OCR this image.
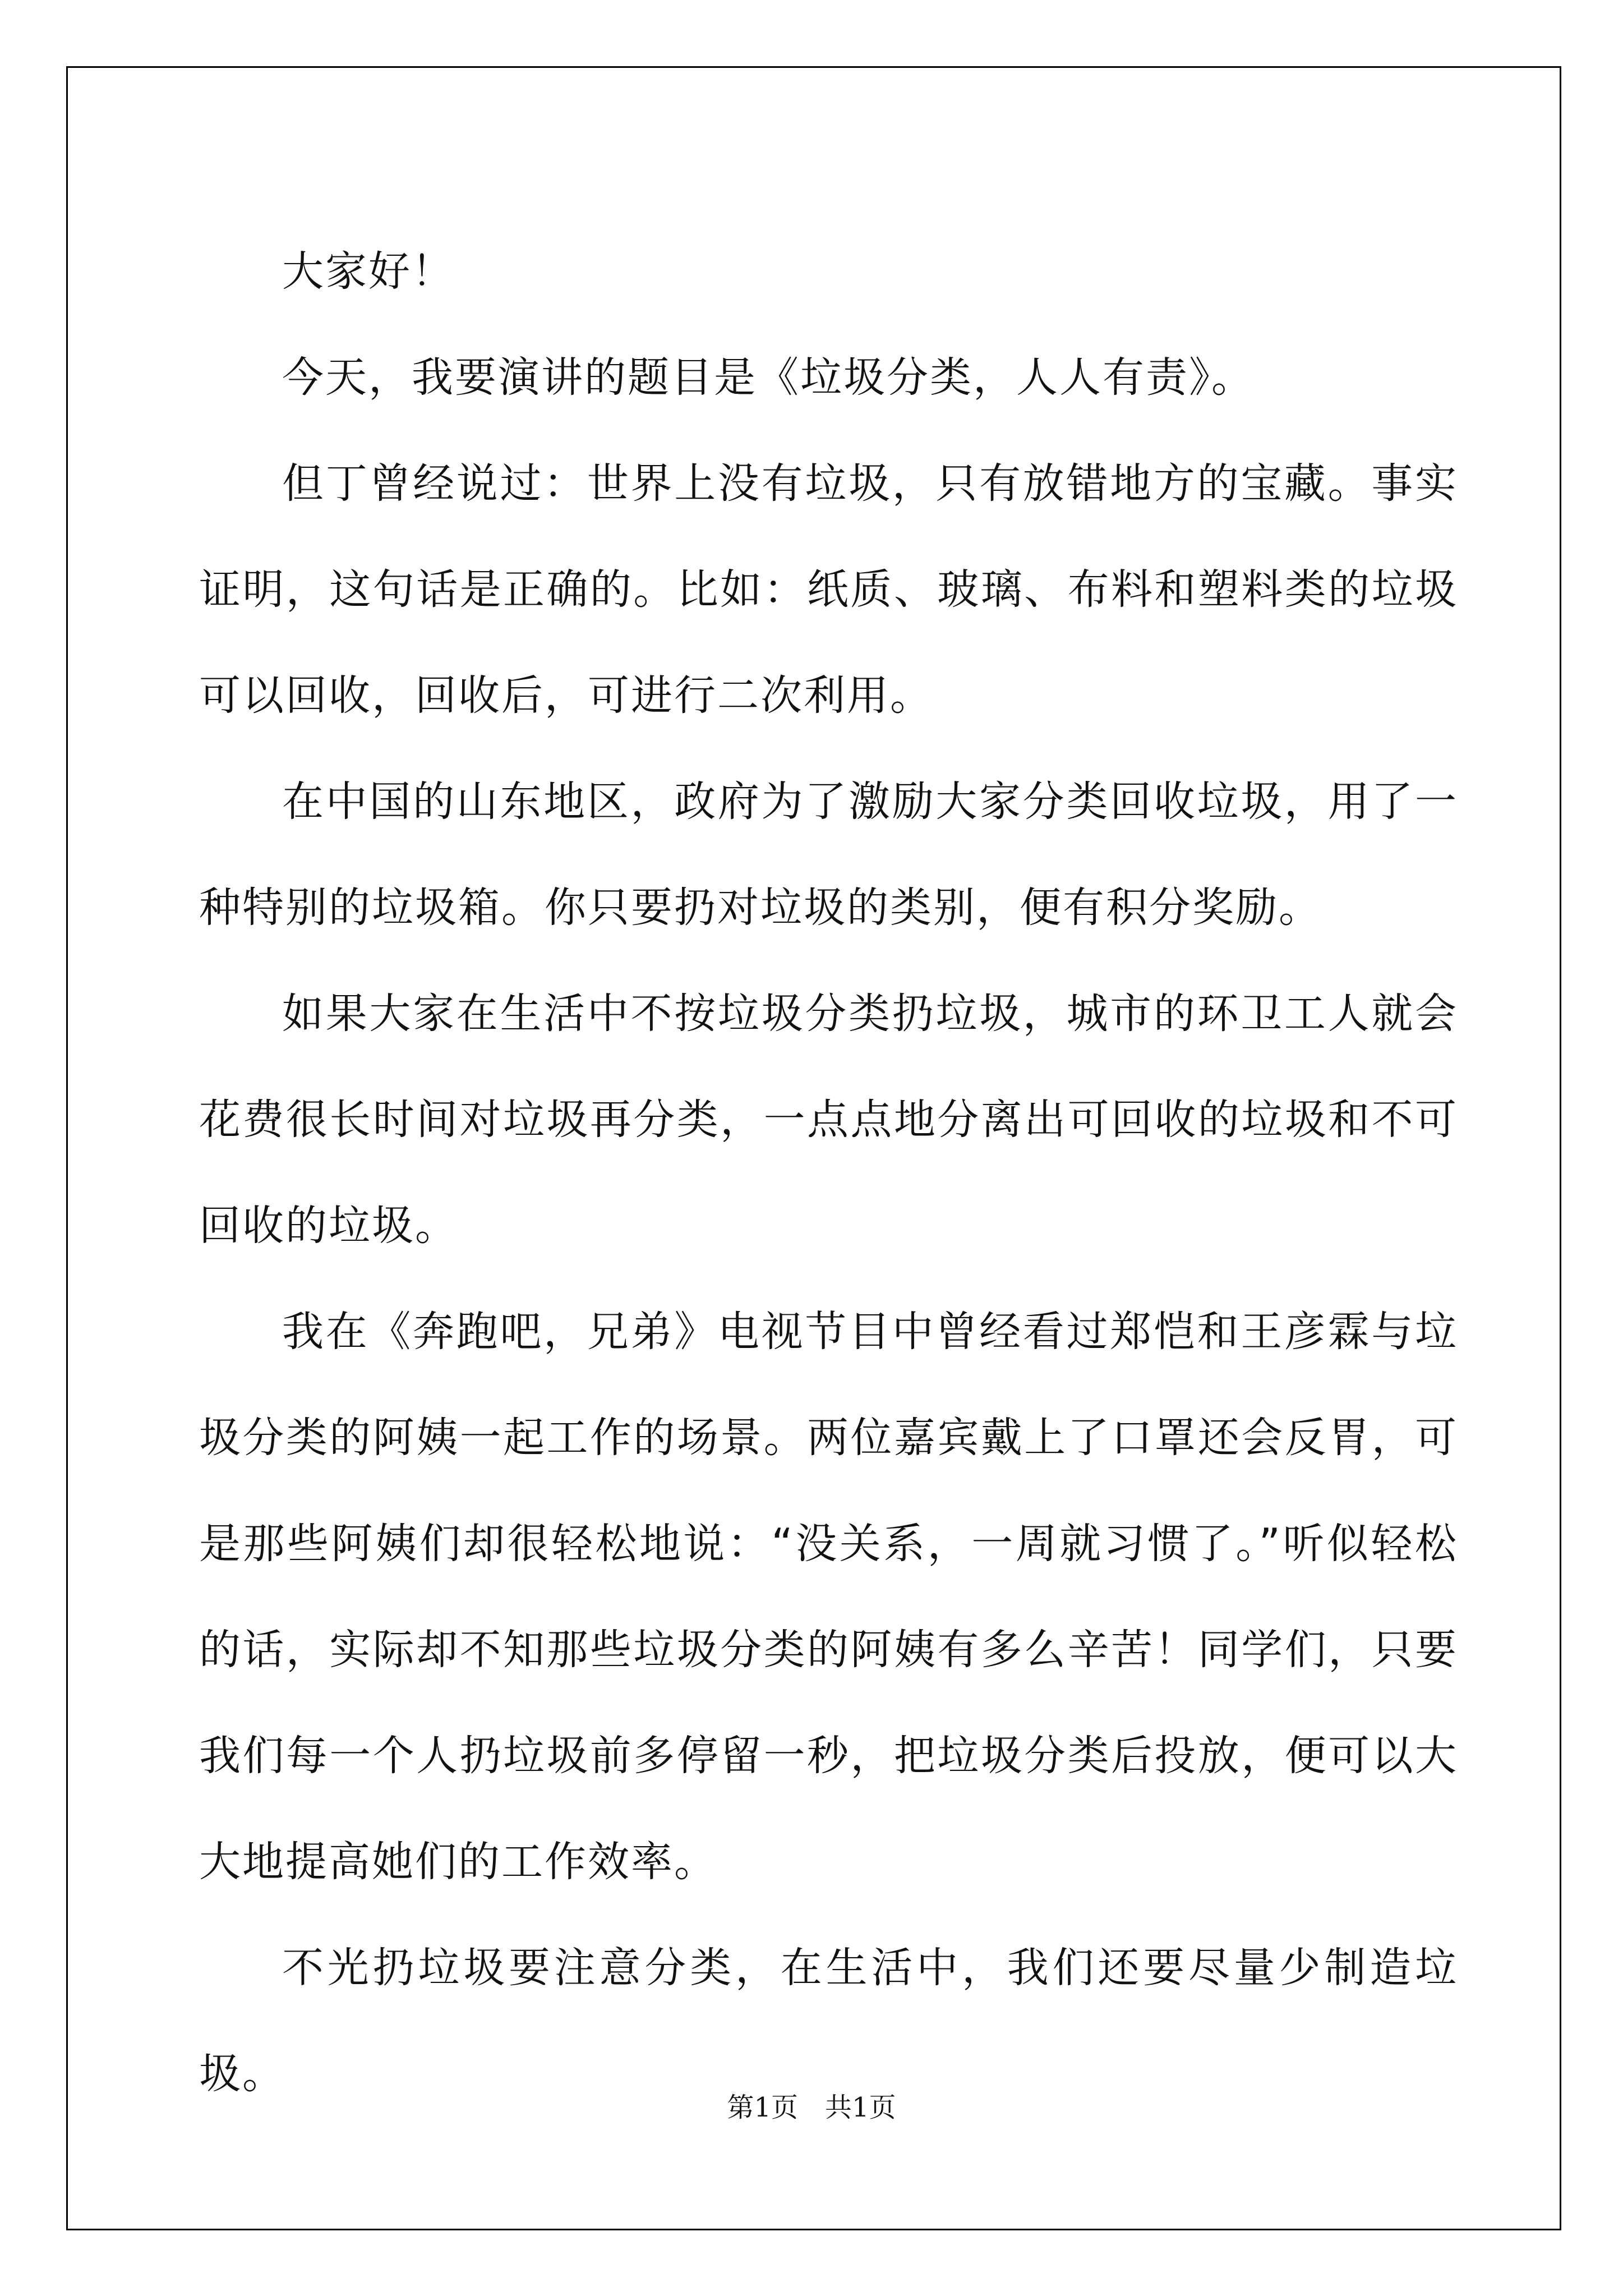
大家好！

今天，我要演讲的题目是《垃圾分类，人人有责》。

但丁曾经说过：世界上没有垃圾，只有放错地方的宝藏。事实证明，这句话是正确的。比如：纸质、玻璃、布料和塑料类的垃圾可以回收，回收后，可进行二次利用。

在中国的山东地区，政府为了激励大家分类回收垃圾，用了一种特别的垃圾箱。你只要扔对垃圾的类别，便有积分奖励。

如果大家在生活中不按垃圾分类扔垃圾，城市的环卫工人就会花费很长时间对垃圾再分类，一点点地分离出可回收的垃圾和不可回收的垃圾。

我在《奔跑吧，兄弟》电视节目中曾经看过郑恺和王彦霖与垃圾分类的阿姨一起工作的场景。两位嘉宾戴上了口罩还会反胃，可是那些阿姨们却很轻松地说：“没关系，一周就习惯了。”听似轻松的话，实际却不知那些垃圾分类的阿姨有多么辛苦！同学们，只要我们每一个人扔垃圾前多停留一秒，把垃圾分类后投放，便可以大大地提高她们的工作效率。

不光扔垃圾要注意分类，在生活中，我们还要尽量少制造垃圾。

第1页 共1页
